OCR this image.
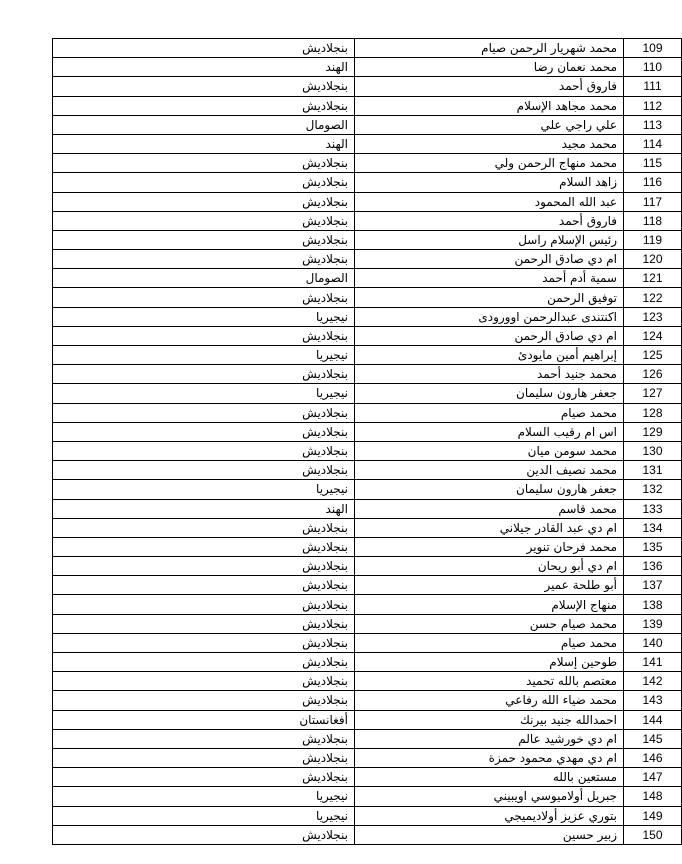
بنجلاديش	محمد شهريار الرحمن صيام	109
الهند	محمد نعمان رضا	110
بنجلاديش	فاروق أحمد	111
بنجلاديش	محمد مجاهد الإسلام	112
الصومال	علي راجي علي	113
الهند	محمد مجيد	114
بنجلاديش	محمد منهاج الرحمن ولي	115
بنجلاديش	زاهد السلام	116
بنجلاديش	عبد الله المحمود	117
بنجلاديش	فاروق أحمد	118
بنجلاديش	رئيس الإسلام راسل	119
بنجلاديش	ام دي صادق الرحمن	120
الصومال	سمية أدم أحمد	121
بنجلاديش	توفيق الرحمن	122
نيجيريا	اكنتندى عبدالرحمن اوورودى	123
بنجلاديش	ام دي صادق الرحمن	124
نيجيريا	إبراهيم أمين مايودئ	125
بنجلاديش	محمد جنيد أحمد	126
نيجيريا	جعفر هارون سليمان	127
بنجلاديش	محمد صيام	128
بنجلاديش	اس ام رقيب السلام	129
بنجلاديش	محمد سومن ميان	130
بنجلاديش	محمد نصيف الدين	131
نيجيريا	جعفر هارون سليمان	132
الهند	محمد قاسم	133
بنجلاديش	ام دي عبد القادر جيلاني	134
بنجلاديش	محمد فرحان تنوير	135
بنجلاديش	ام دي أبو ريحان	136
بنجلاديش	أبو طلحة عمير	137
بنجلاديش	منهاج الإسلام	138
بنجلاديش	محمد صيام حسن	139
بنجلاديش	محمد صيام	140
بنجلاديش	طوحين إسلام	141
بنجلاديش	معتصم بالله تحميد	142
بنجلاديش	محمد ضياء الله رفاعي	143
أفغانستان	احمدالله جنيد بيرنك	144
بنجلاديش	ام دي خورشيد عالم	145
بنجلاديش	ام دي مهدي محمود حمزة	146
بنجلاديش	مستعين بالله	147
نيجيريا	جبريل أولاميوسي اويبيني	148
نيجيريا	بتوري عزيز أولاديميجي	149
بنجلاديش	زبير حسين	150
